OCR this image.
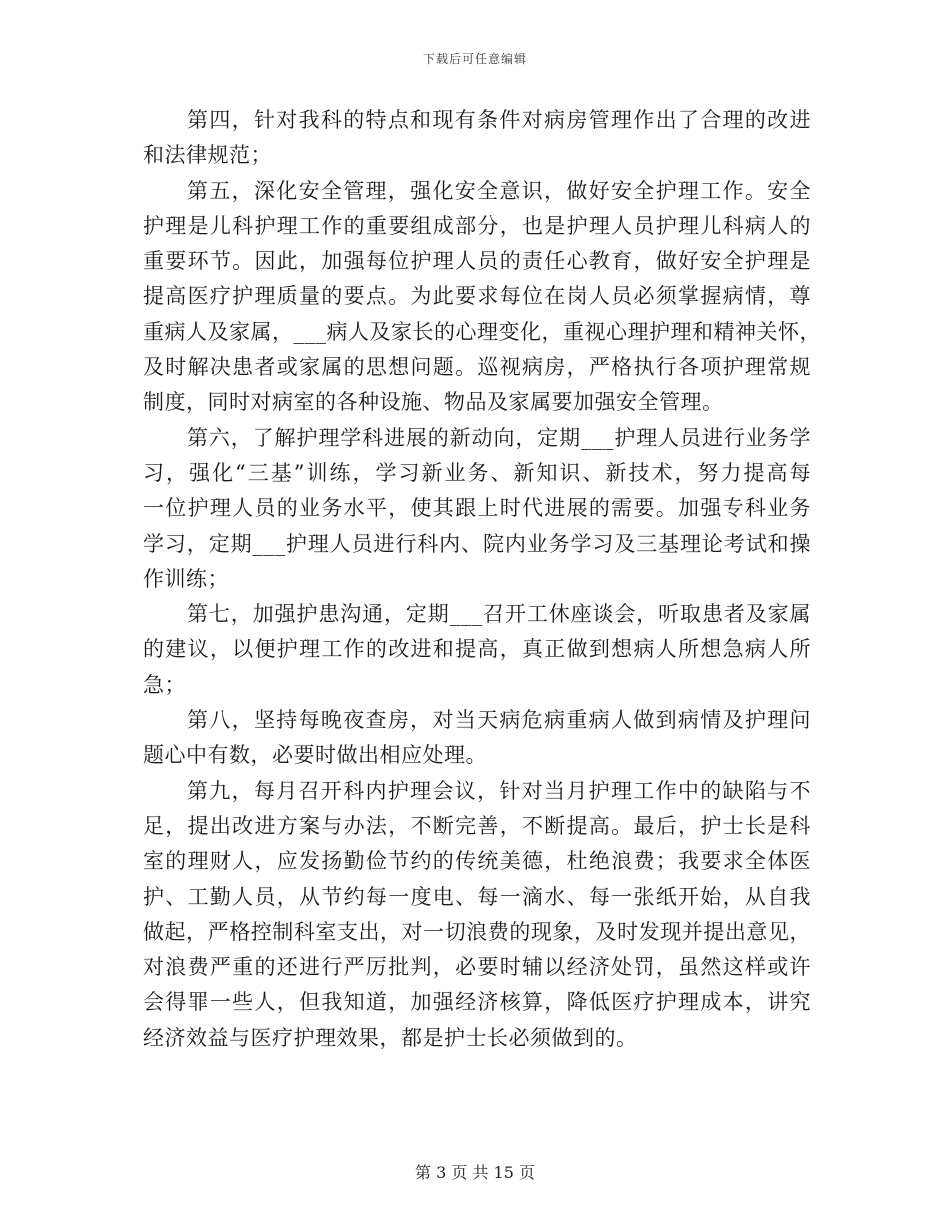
下载后可任意编辑
第四，针对我科的特点和现有条件对病房管理作出了合理的改进
和法律规范；
第五，深化安全管理，强化安全意识，做好安全护理工作。安全
护理是儿科护理工作的重要组成部分，也是护理人员护理儿科病人的
重要环节。因此，加强每位护理人员的责任心教育，做好安全护理是
提高医疗护理质量的要点。为此要求每位在岗人员必须掌握病情，尊
重病人及家属，___病人及家长的心理变化，重视心理护理和精神关怀，
及时解决患者或家属的思想问题。巡视病房，严格执行各项护理常规
制度，同时对病室的各种设施、物品及家属要加强安全管理。
第六，了解护理学科进展的新动向，定期___护理人员进行业务学
习，强化“三基”训练，学习新业务、新知识、新技术，努力提高每
一位护理人员的业务水平，使其跟上时代进展的需要。加强专科业务
学习，定期___护理人员进行科内、院内业务学习及三基理论考试和操
作训练；
第七，加强护患沟通，定期___召开工休座谈会，听取患者及家属
的建议，以便护理工作的改进和提高，真正做到想病人所想急病人所
急；
第八，坚持每晚夜查房，对当天病危病重病人做到病情及护理问
题心中有数，必要时做出相应处理。
第九，每月召开科内护理会议，针对当月护理工作中的缺陷与不
足，提出改进方案与办法，不断完善，不断提高。最后，护士长是科
室的理财人，应发扬勤俭节约的传统美德，杜绝浪费；我要求全体医
护、工勤人员，从节约每一度电、每一滴水、每一张纸开始，从自我
做起，严格控制科室支出，对一切浪费的现象，及时发现并提出意见，
对浪费严重的还进行严厉批判，必要时辅以经济处罚，虽然这样或许
会得罪一些人，但我知道，加强经济核算，降低医疗护理成本，讲究
经济效益与医疗护理效果，都是护士长必须做到的。
第 3 页 共 15 页
